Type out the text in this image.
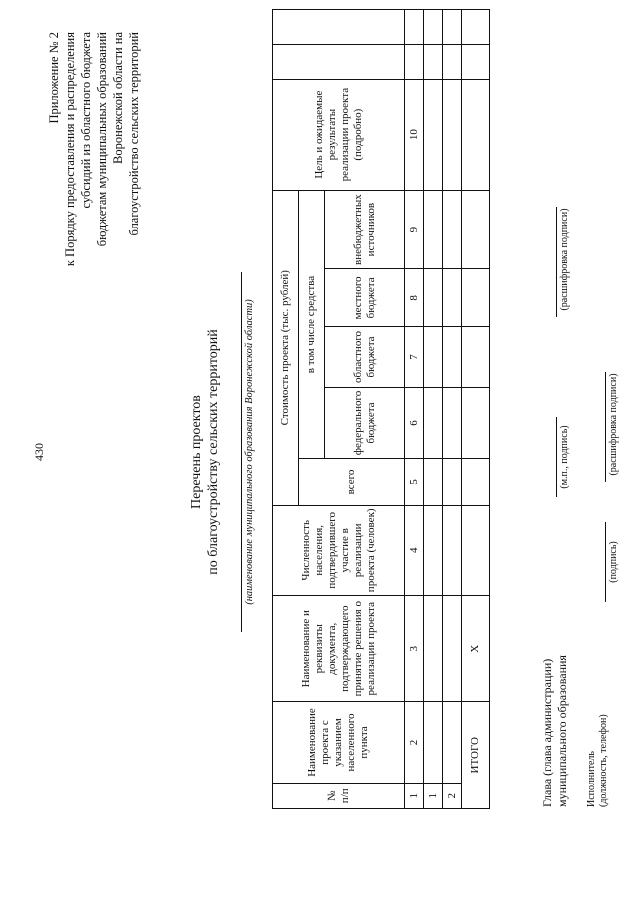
430
Приложение № 2 к Порядку предоставления и распределения субсидий из областного бюджета бюджетам муниципальных образований Воронежской области на благоустройство сельских территорий
Перечень проектов по благоустройству сельских территорий (наименование муниципального образования Воронежской области)
№ п/п	Наименование проекта с указанием населенного пункта	Наименование и реквизиты документа, подтверждающего принятие решения о реализации проекта	Численность населения, подтвердившего участие в реализации проекта (человек)	Стоимость проекта (тыс. рублей)					Цель и ожидаемые результаты реализации проекта (подробно)		
				всего	в том числе средства						
					федерального бюджета	областного бюджета	местного бюджета	внебюджетных источников			
1	2	3	4	5	6	7	8	9	10		
1											
2											
ИТОГО		Х									
Глава (глава администрации) муниципального образования
(м.п., подпись)
(расшифровка подписи)
Исполнитель (должность, телефон)
(подпись)
(расшифровка подписи)
